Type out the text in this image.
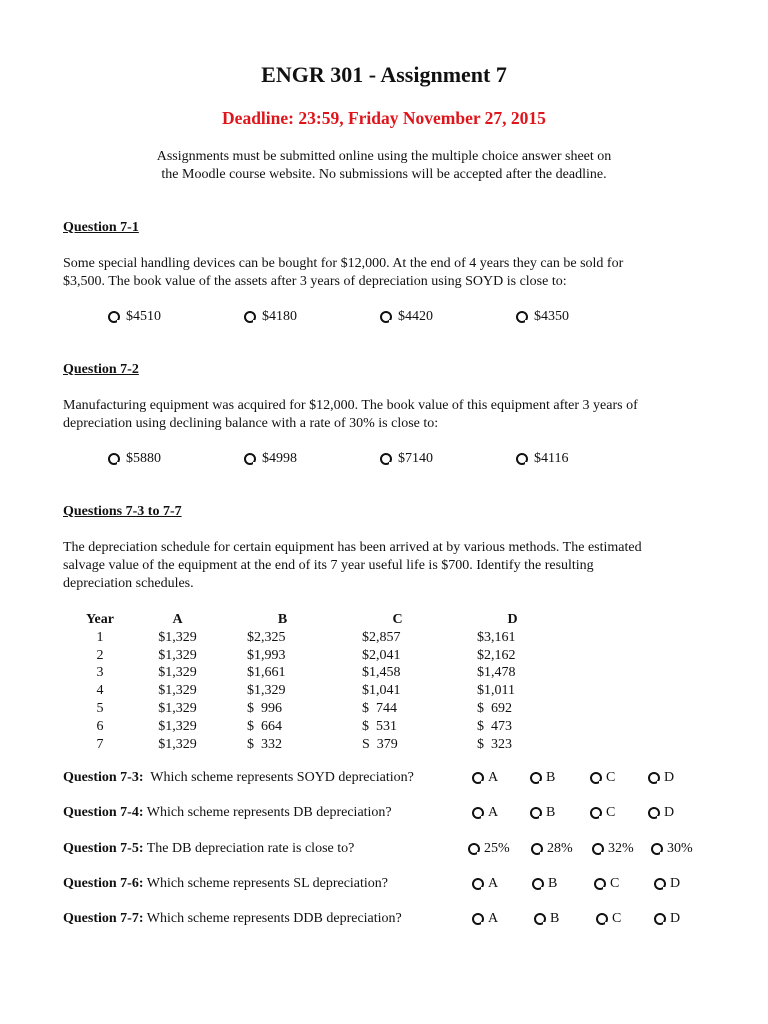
ENGR 301 - Assignment 7
Deadline: 23:59, Friday November 27, 2015
Assignments must be submitted online using the multiple choice answer sheet on
the Moodle course website. No submissions will be accepted after the deadline.
Question 7-1
Some special handling devices can be bought for $12,000. At the end of 4 years they can be sold for
$3,500. The book value of the assets after 3 years of depreciation using SOYD is close to:
$4510	$4180	$4420	$4350
Question 7-2
Manufacturing equipment was acquired for $12,000. The book value of this equipment after 3 years of
depreciation using declining balance with a rate of 30% is close to:
$5880	$4998	$7140	$4116
Questions 7-3 to 7-7
The depreciation schedule for certain equipment has been arrived at by various methods. The estimated
salvage value of the equipment at the end of its 7 year useful life is $700. Identify the resulting
depreciation schedules.
Year	A	B	C	D
1	$1,329	$2,325	$2,857	$3,161
2	$1,329	$1,993	$2,041	$2,162
3	$1,329	$1,661	$1,458	$1,478
4	$1,329	$1,329	$1,041	$1,011
5	$1,329	$  996	$  744	$  692
6	$1,329	$  664	$  531	$  473
7	$1,329	$  332	S  379	$  323
Question 7-3:  Which scheme represents SOYD depreciation?	A	B	C	D
Question 7-4: Which scheme represents DB depreciation?	A	B	C	D
Question 7-5: The DB depreciation rate is close to?	25%	28%	32% 30%
Question 7-6: Which scheme represents SL depreciation?	A	B	C	D
Question 7-7: Which scheme represents DDB depreciation?	A	B	C	D
